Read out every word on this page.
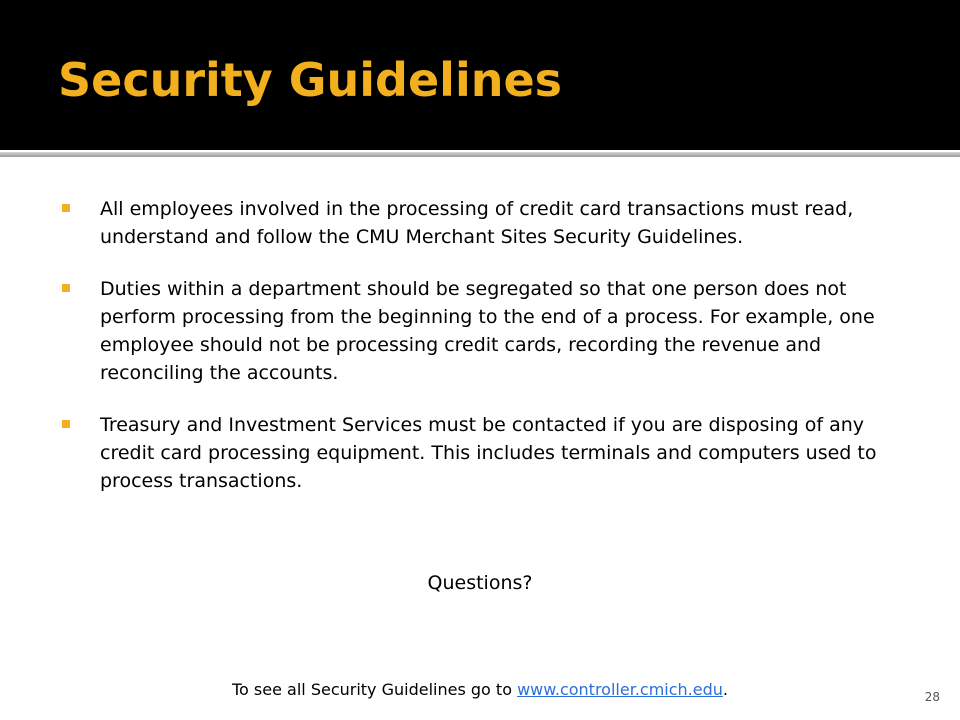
Security Guidelines
All employees involved in the processing of credit card transactions must read, understand and follow the CMU Merchant Sites Security Guidelines.
Duties within a department should be segregated so that one person does not perform processing from the beginning to the end of a process. For example, one employee should not be processing credit cards, recording the revenue and reconciling the accounts.
Treasury and Investment Services must be contacted if you are disposing of any credit card processing equipment. This includes terminals and computers used to process transactions.
Questions?
To see all Security Guidelines go to www.controller.cmich.edu.	28
